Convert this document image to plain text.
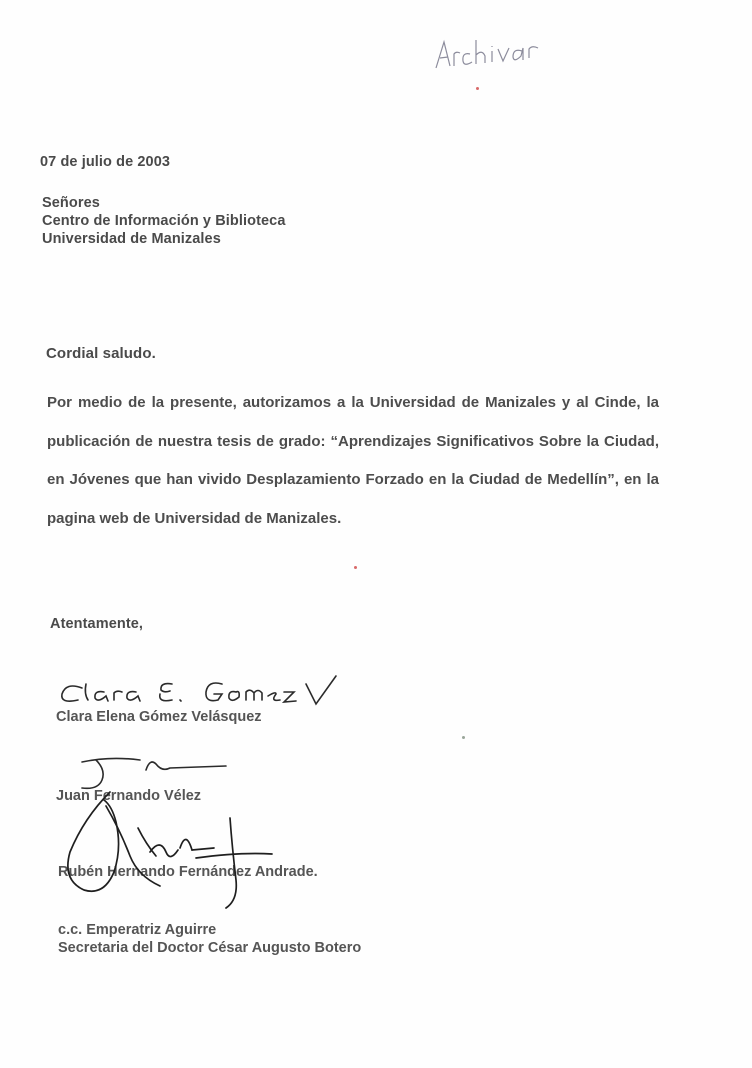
07 de julio de 2003
Señores
Centro de Información y Biblioteca
Universidad de Manizales
Cordial saludo.
Por medio de la presente, autorizamos a la Universidad de Manizales y al Cinde, la publicación de nuestra tesis de grado: “Aprendizajes Significativos Sobre la Ciudad, en Jóvenes que han vivido Desplazamiento Forzado en la Ciudad de Medellín”, en la pagina web de Universidad de Manizales.
Atentamente,
Clara Elena Gómez Velásquez
Juan Fernando Vélez
Rubén Hernando Fernández Andrade.
c.c. Emperatriz Aguirre
Secretaria del Doctor César Augusto Botero
